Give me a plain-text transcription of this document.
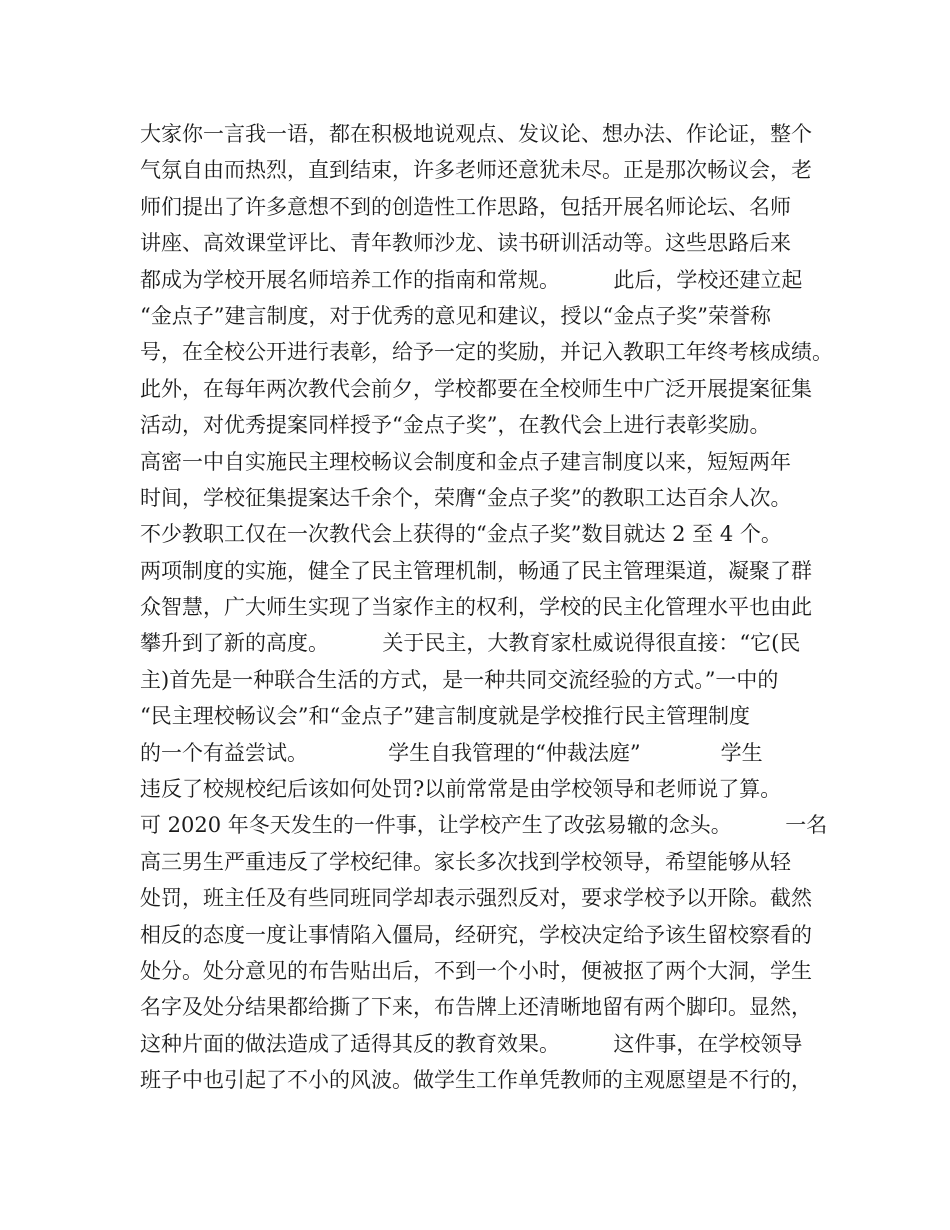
大家你一言我一语，都在积极地说观点、发议论、想办法、作论证，整个
气氛自由而热烈，直到结束，许多老师还意犹未尽。正是那次畅议会，老
师们提出了许多意想不到的创造性工作思路，包括开展名师论坛、名师
讲座、高效课堂评比、青年教师沙龙、读书研训活动等。这些思路后来
都成为学校开展名师培养工作的指南和常规。        此后，学校还建立起
“金点子”建言制度，对于优秀的意见和建议，授以“金点子奖”荣誉称
号，在全校公开进行表彰，给予一定的奖励，并记入教职工年终考核成绩。
此外，在每年两次教代会前夕，学校都要在全校师生中广泛开展提案征集
活动，对优秀提案同样授予“金点子奖”，在教代会上进行表彰奖励。
高密一中自实施民主理校畅议会制度和金点子建言制度以来，短短两年
时间，学校征集提案达千余个，荣膺“金点子奖”的教职工达百余人次。
不少教职工仅在一次教代会上获得的“金点子奖”数目就达 2 至 4 个。
两项制度的实施，健全了民主管理机制，畅通了民主管理渠道，凝聚了群
众智慧，广大师生实现了当家作主的权利，学校的民主化管理水平也由此
攀升到了新的高度。        关于民主，大教育家杜威说得很直接：“它(民
主)首先是一种联合生活的方式，是一种共同交流经验的方式。”一中的
“民主理校畅议会”和“金点子”建言制度就是学校推行民主管理制度
的一个有益尝试。            学生自我管理的“仲裁法庭”            学生
违反了校规校纪后该如何处罚?以前常常是由学校领导和老师说了算。
可 2020 年冬天发生的一件事，让学校产生了改弦易辙的念头。        一名
高三男生严重违反了学校纪律。家长多次找到学校领导，希望能够从轻
处罚，班主任及有些同班同学却表示强烈反对，要求学校予以开除。截然
相反的态度一度让事情陷入僵局，经研究，学校决定给予该生留校察看的
处分。处分意见的布告贴出后，不到一个小时，便被抠了两个大洞，学生
名字及处分结果都给撕了下来，布告牌上还清晰地留有两个脚印。显然，
这种片面的做法造成了适得其反的教育效果。        这件事，在学校领导
班子中也引起了不小的风波。做学生工作单凭教师的主观愿望是不行的，
